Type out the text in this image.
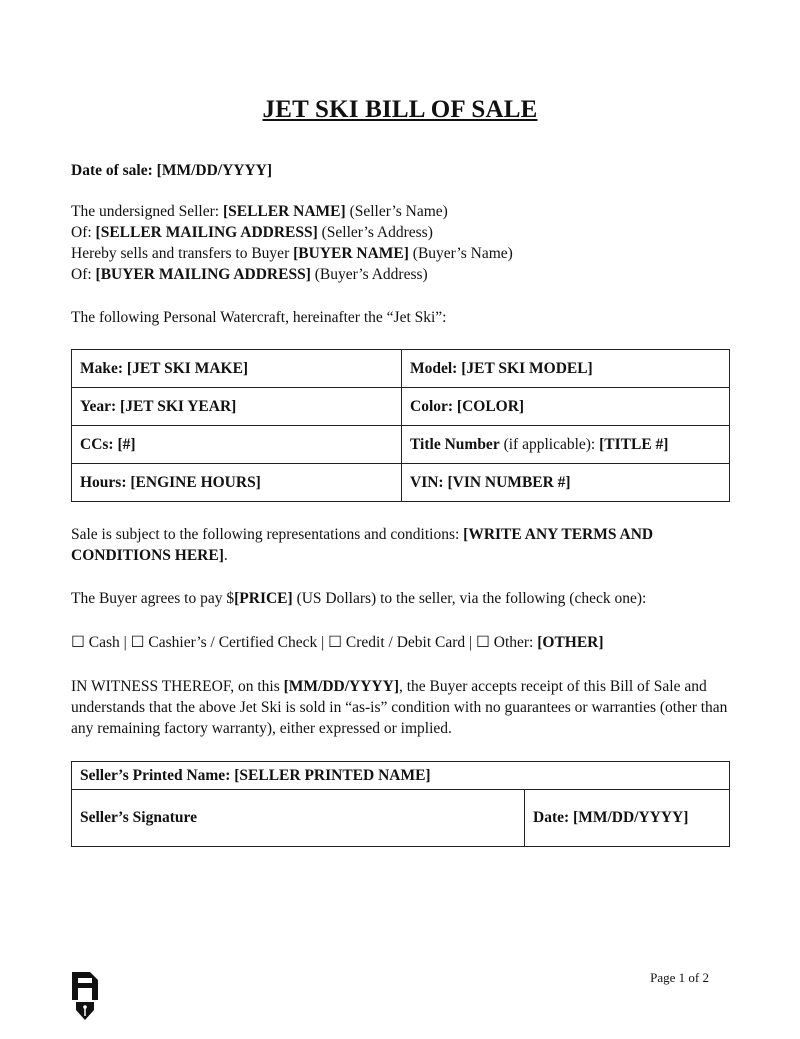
JET SKI BILL OF SALE
Date of sale: [MM/DD/YYYY]
The undersigned Seller: [SELLER NAME] (Seller’s Name)
Of: [SELLER MAILING ADDRESS] (Seller’s Address)
Hereby sells and transfers to Buyer [BUYER NAME] (Buyer’s Name)
Of: [BUYER MAILING ADDRESS] (Buyer’s Address)
The following Personal Watercraft, hereinafter the “Jet Ski”:
Make: [JET SKI MAKE]	Model: [JET SKI MODEL]
Year: [JET SKI YEAR]	Color: [COLOR]
CCs: [#]	Title Number (if applicable): [TITLE #]
Hours: [ENGINE HOURS]	VIN: [VIN NUMBER #]
Sale is subject to the following representations and conditions: [WRITE ANY TERMS AND CONDITIONS HERE].
The Buyer agrees to pay $[PRICE] (US Dollars) to the seller, via the following (check one):
☐ Cash | ☐ Cashier’s / Certified Check | ☐ Credit / Debit Card | ☐ Other: [OTHER]
IN WITNESS THEREOF, on this [MM/DD/YYYY], the Buyer accepts receipt of this Bill of Sale and understands that the above Jet Ski is sold in “as-is” condition with no guarantees or warranties (other than any remaining factory warranty), either expressed or implied.
Seller’s Printed Name: [SELLER PRINTED NAME]
Seller’s Signature	Date: [MM/DD/YYYY]
Page 1 of 2
